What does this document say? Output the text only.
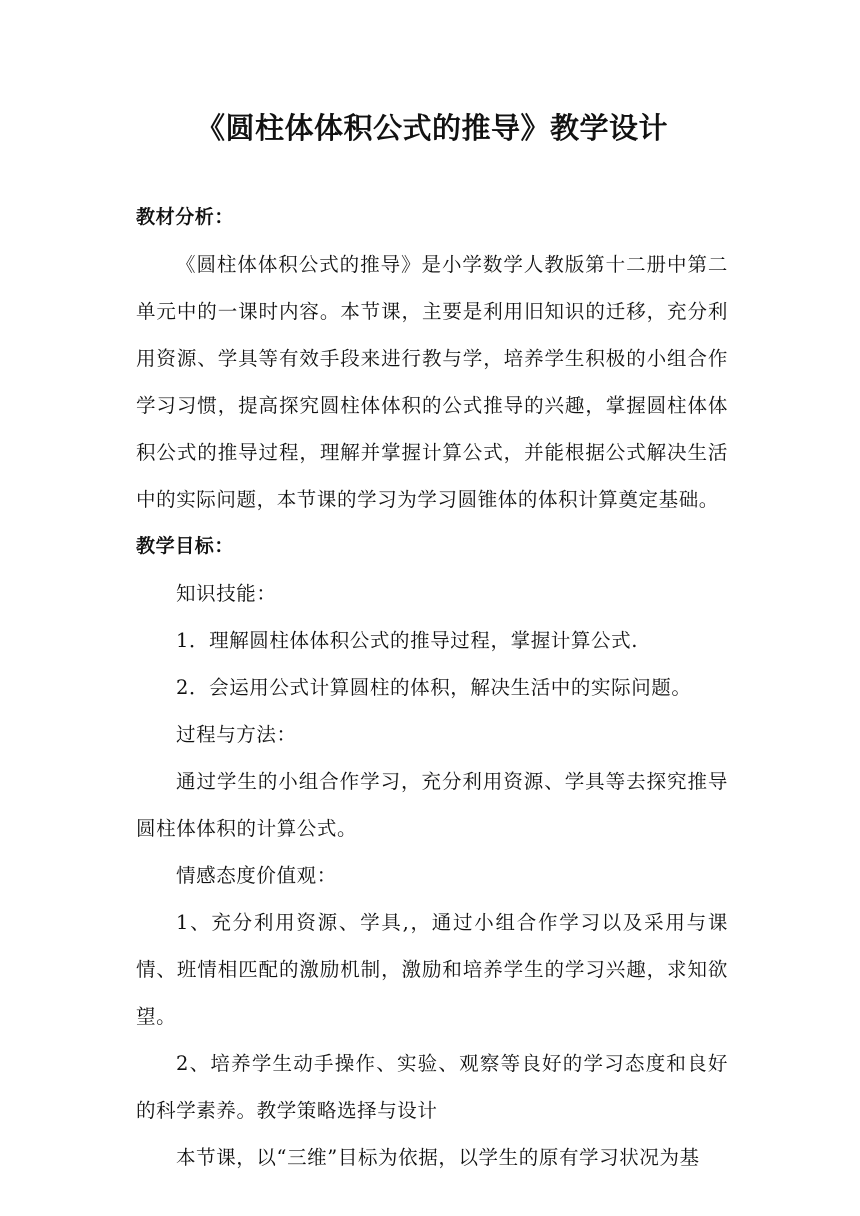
《圆柱体体积公式的推导》教学设计

教材分析：

《圆柱体体积公式的推导》是小学数学人教版第十二册中第二单元中的一课时内容。本节课，主要是利用旧知识的迁移，充分利用资源、学具等有效手段来进行教与学，培养学生积极的小组合作学习习惯，提高探究圆柱体体积的公式推导的兴趣，掌握圆柱体体积公式的推导过程，理解并掌握计算公式，并能根据公式解决生活中的实际问题，本节课的学习为学习圆锥体的体积计算奠定基础。

教学目标：

知识技能：

1．理解圆柱体体积公式的推导过程，掌握计算公式.

2．会运用公式计算圆柱的体积，解决生活中的实际问题。

过程与方法：

通过学生的小组合作学习，充分利用资源、学具等去探究推导圆柱体体积的计算公式。

情感态度价值观：

1、充分利用资源、学具,，通过小组合作学习以及采用与课情、班情相匹配的激励机制，激励和培养学生的学习兴趣，求知欲望。

2、培养学生动手操作、实验、观察等良好的学习态度和良好的科学素养。教学策略选择与设计

本节课，以“三维”目标为依据，以学生的原有学习状况为基
